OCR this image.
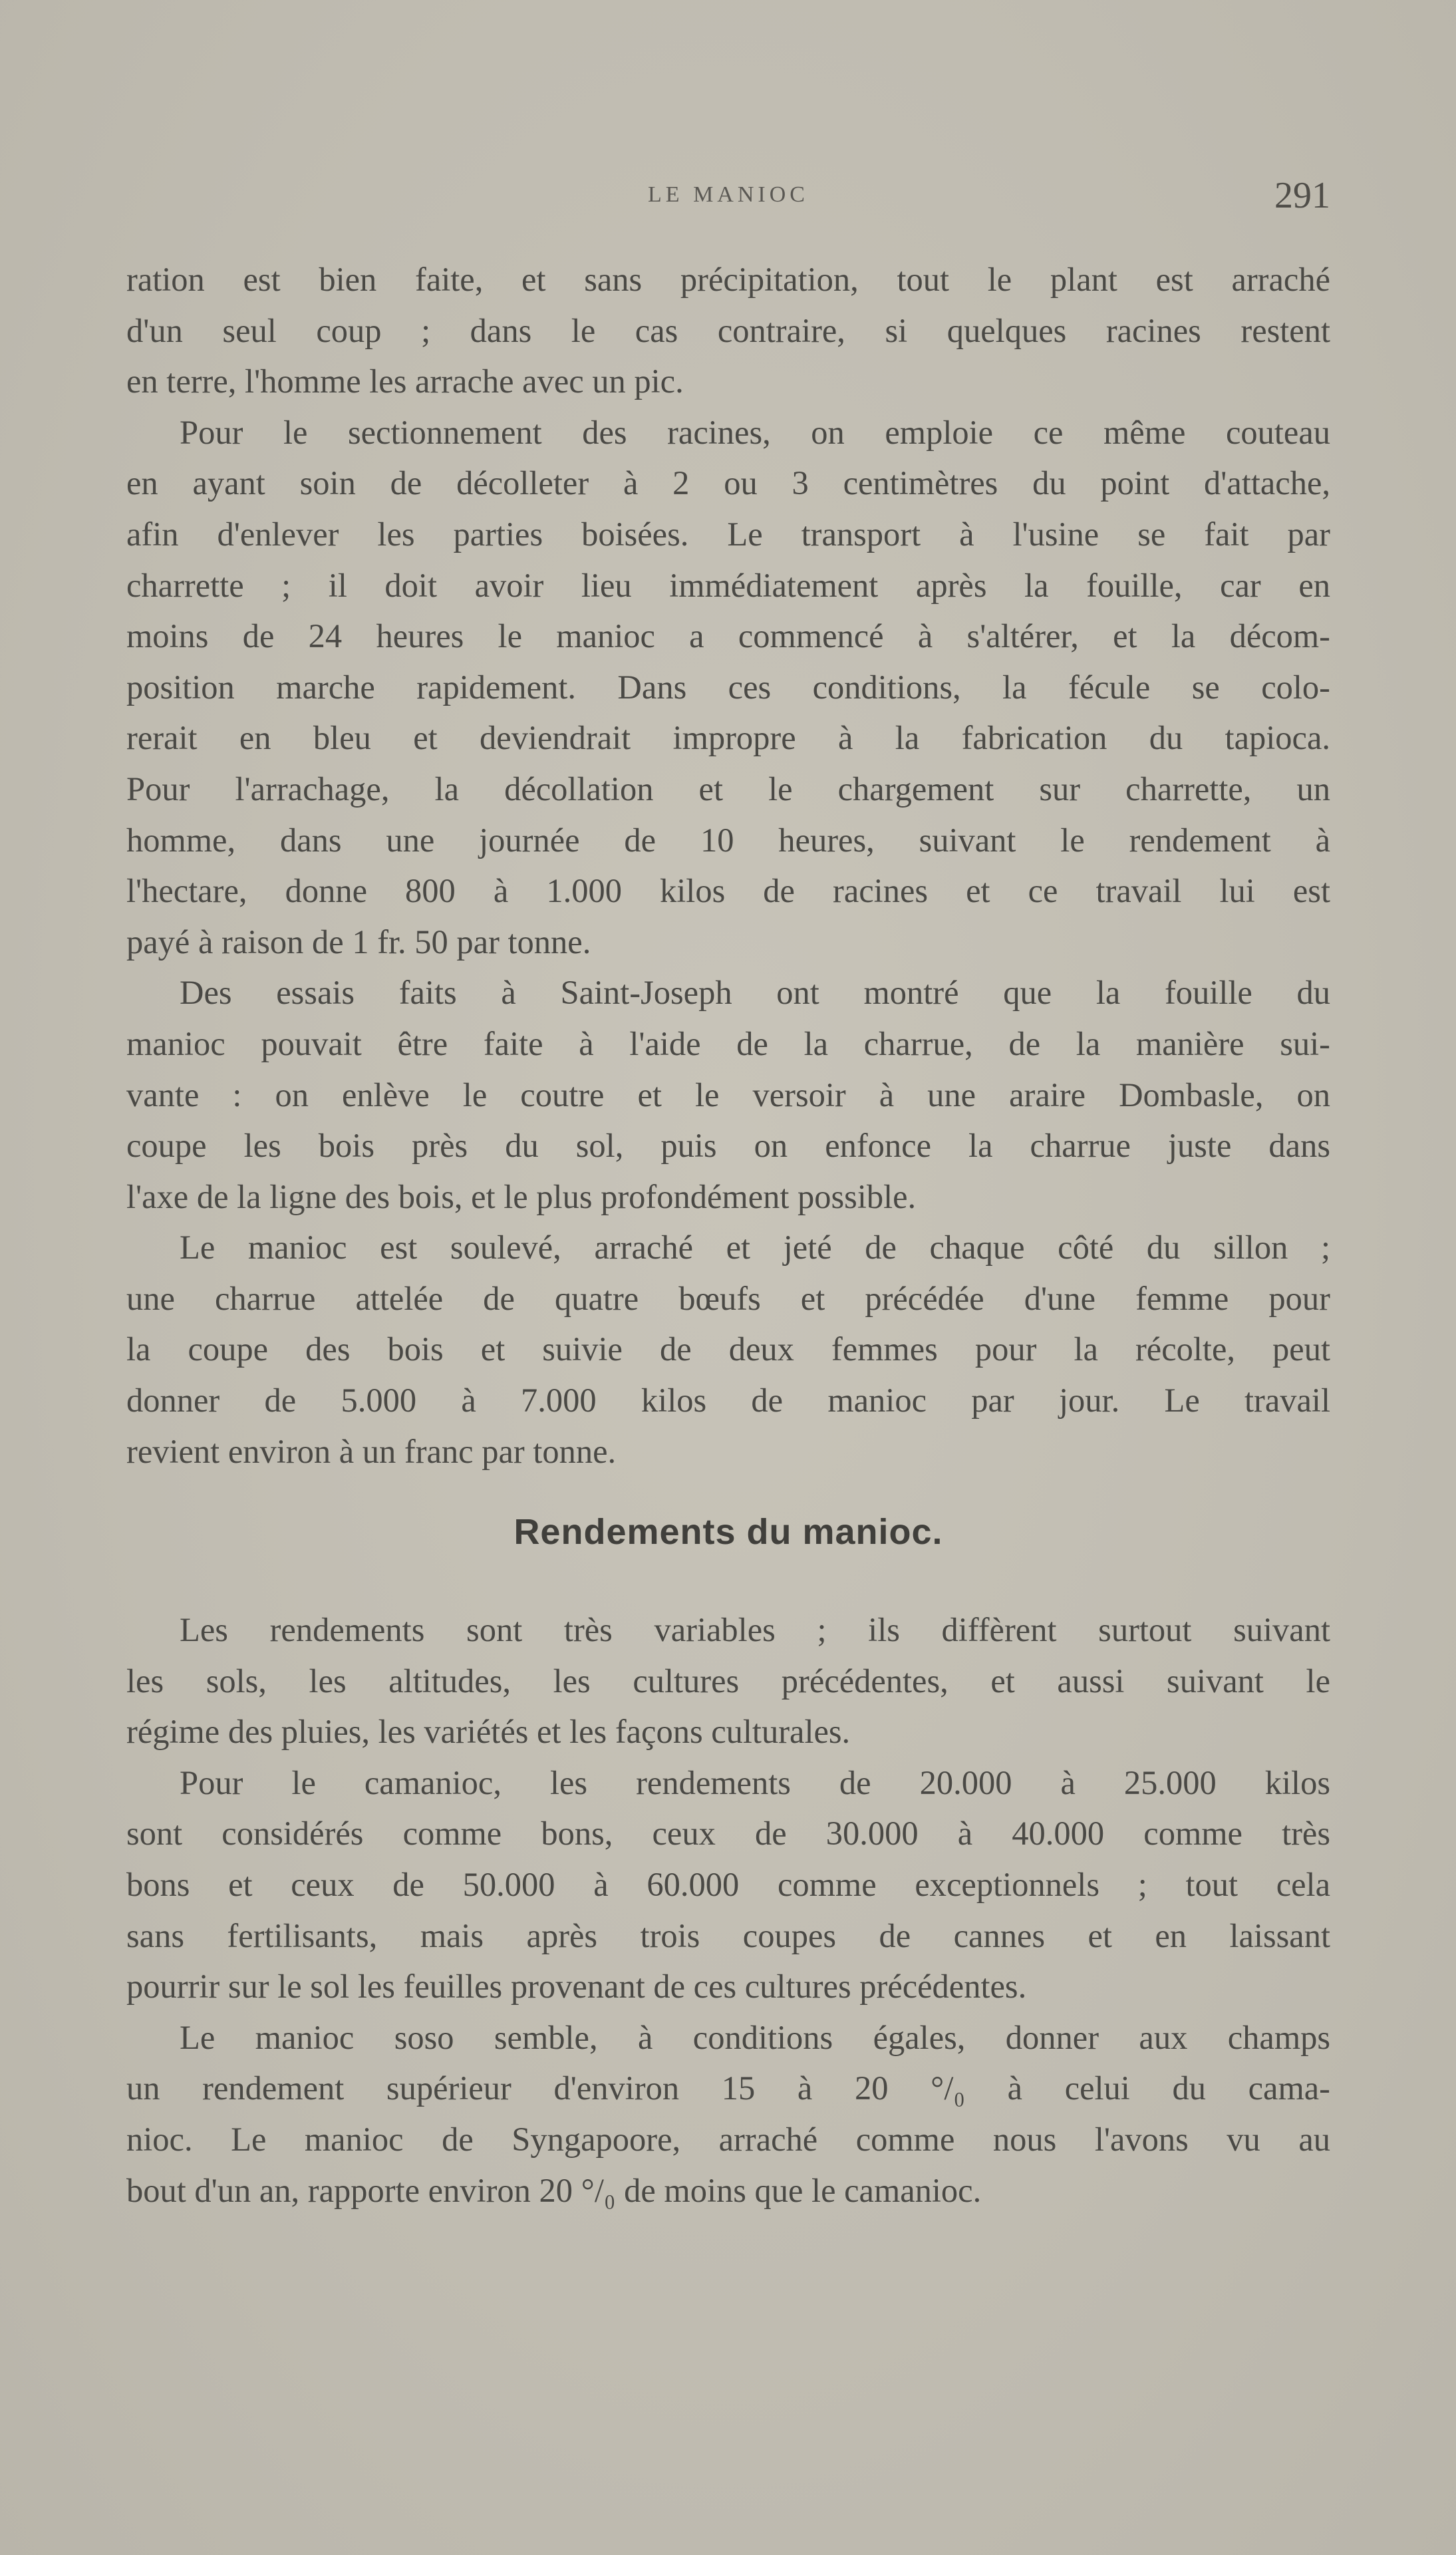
LE MANIOC	291
ration est bien faite, et sans précipitation, tout le plant est arraché
d'un seul coup ; dans le cas contraire, si quelques racines restent
en terre, l'homme les arrache avec un pic.
Pour le sectionnement des racines, on emploie ce même couteau
en ayant soin de décolleter à 2 ou 3 centimètres du point d'attache,
afin d'enlever les parties boisées. Le transport à l'usine se fait par
charrette ; il doit avoir lieu immédiatement après la fouille, car en
moins de 24 heures le manioc a commencé à s'altérer, et la décom-
position marche rapidement. Dans ces conditions, la fécule se colo-
rerait en bleu et deviendrait impropre à la fabrication du tapioca.
Pour l'arrachage, la décollation et le chargement sur charrette, un
homme, dans une journée de 10 heures, suivant le rendement à
l'hectare, donne 800 à 1.000 kilos de racines et ce travail lui est
payé à raison de 1 fr. 50 par tonne.
Des essais faits à Saint-Joseph ont montré que la fouille du
manioc pouvait être faite à l'aide de la charrue, de la manière sui-
vante : on enlève le coutre et le versoir à une araire Dombasle, on
coupe les bois près du sol, puis on enfonce la charrue juste dans
l'axe de la ligne des bois, et le plus profondément possible.
Le manioc est soulevé, arraché et jeté de chaque côté du sillon ;
une charrue attelée de quatre bœufs et précédée d'une femme pour
la coupe des bois et suivie de deux femmes pour la récolte, peut
donner de 5.000 à 7.000 kilos de manioc par jour. Le travail
revient environ à un franc par tonne.
Rendements du manioc.
Les rendements sont très variables ; ils diffèrent surtout suivant
les sols, les altitudes, les cultures précédentes, et aussi suivant le
régime des pluies, les variétés et les façons culturales.
Pour le camanioc, les rendements de 20.000 à 25.000 kilos
sont considérés comme bons, ceux de 30.000 à 40.000 comme très
bons et ceux de 50.000 à 60.000 comme exceptionnels ; tout cela
sans fertilisants, mais après trois coupes de cannes et en laissant
pourrir sur le sol les feuilles provenant de ces cultures précédentes.
Le manioc soso semble, à conditions égales, donner aux champs
un rendement supérieur d'environ 15 à 20 °/₀ à celui du cama-
nioc. Le manioc de Syngapoore, arraché comme nous l'avons vu au
bout d'un an, rapporte environ 20 °/₀ de moins que le camanioc.
